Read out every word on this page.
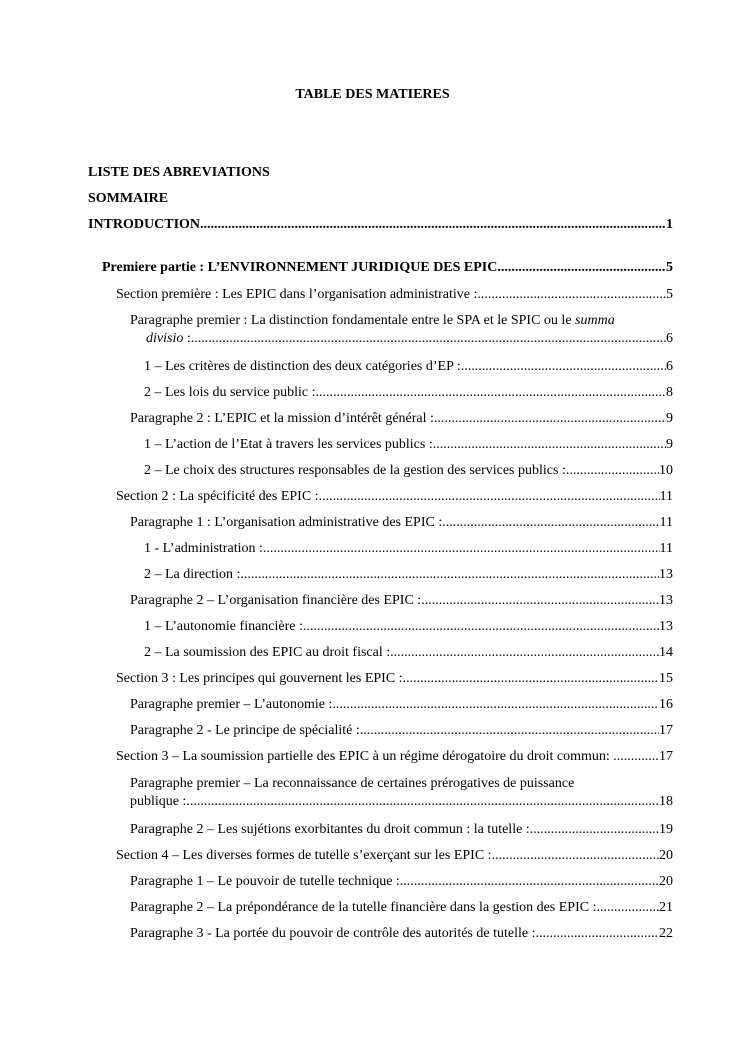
TABLE DES MATIERES
LISTE DES ABREVIATIONS
SOMMAIRE
INTRODUCTION .....	1
Premiere partie : L’ENVIRONNEMENT JURIDIQUE DES EPIC .....	5
Section première : Les EPIC dans l’organisation administrative : .....	5
Paragraphe premier : La distinction fondamentale entre le SPA et le SPIC ou le summa
divisio : .....	6
1 – Les critères de distinction des deux catégories d’EP : .....	6
2 – Les lois du service public : .....	8
Paragraphe 2 : L’EPIC et la mission d’intérêt général : .....	9
1 – L’action de l’Etat à travers les services publics : .....	9
2 – Le choix des structures responsables de la gestion des services publics : .....	10
Section 2 : La spécificité des EPIC : .....	11
Paragraphe 1 : L’organisation administrative des EPIC : .....	11
1 - L’administration : .....	11
2 – La direction : .....	13
Paragraphe 2 – L’organisation financière des EPIC : .....	13
1 – L’autonomie financière : .....	13
2 – La soumission des EPIC au droit fiscal : .....	14
Section 3 : Les principes qui gouvernent les EPIC : .....	15
Paragraphe premier – L’autonomie : .....	16
Paragraphe 2 - Le principe de spécialité : .....	17
Section 3 – La soumission partielle des EPIC à un régime dérogatoire du droit commun: . .....	17
Paragraphe premier – La reconnaissance de certaines prérogatives de puissance
publique : .....	18
Paragraphe 2 – Les sujétions exorbitantes du droit commun : la tutelle : .....	19
Section 4 – Les diverses formes de tutelle s’exerçant sur les EPIC : .....	20
Paragraphe 1 – Le pouvoir de tutelle technique : .....	20
Paragraphe 2 – La prépondérance de la tutelle financière dans la gestion des EPIC : .....	21
Paragraphe 3 - La portée du pouvoir de contrôle des autorités de tutelle : .....	22
